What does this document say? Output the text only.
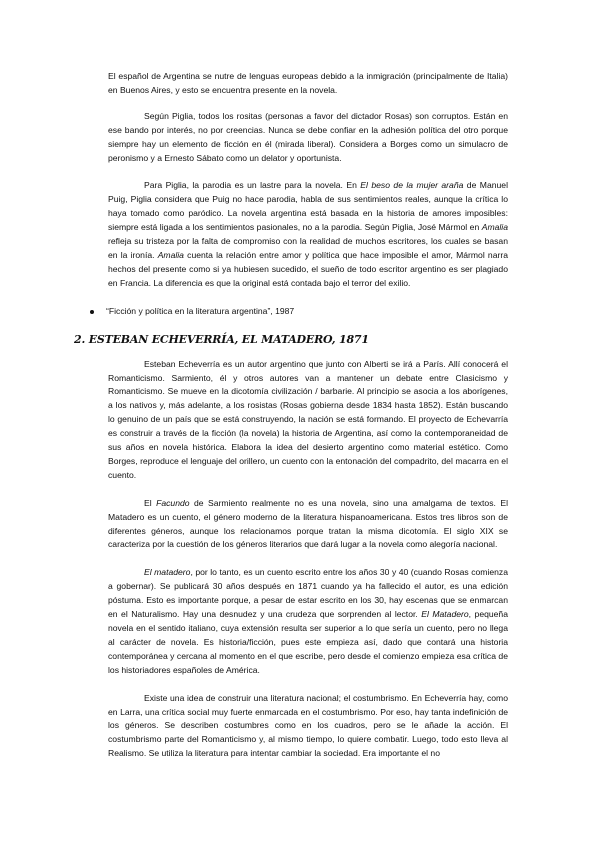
El español de Argentina se nutre de lenguas europeas debido a la inmigración (principalmente de Italia) en Buenos Aires, y esto se encuentra presente en la novela.

Según Piglia, todos los rositas (personas a favor del dictador Rosas) son corruptos. Están en ese bando por interés, no por creencias. Nunca se debe confiar en la adhesión política del otro porque siempre hay un elemento de ficción en él (mirada liberal). Considera a Borges como un simulacro de peronismo y a Ernesto Sábato como un delator y oportunista.

Para Piglia, la parodia es un lastre para la novela. En El beso de la mujer araña de Manuel Puig, Piglia considera que Puig no hace parodia, habla de sus sentimientos reales, aunque la crítica lo haya tomado como paródico. La novela argentina está basada en la historia de amores imposibles: siempre está ligada a los sentimientos pasionales, no a la parodia. Según Piglia, José Mármol en Amalia refleja su tristeza por la falta de compromiso con la realidad de muchos escritores, los cuales se basan en la ironía. Amalia cuenta la relación entre amor y política que hace imposible el amor, Mármol narra hechos del presente como si ya hubiesen sucedido, el sueño de todo escritor argentino es ser plagiado en Francia. La diferencia es que la original está contada bajo el terror del exilio.

“Ficción y política en la literatura argentina”, 1987
2. ESTEBAN ECHEVERRÍA, EL MATADERO, 1871

Esteban Echeverría es un autor argentino que junto con Alberti se irá a París. Allí conocerá el Romanticismo. Sarmiento, él y otros autores van a mantener un debate entre Clasicismo y Romanticismo. Se mueve en la dicotomía civilización / barbarie. Al principio se asocia a los aborígenes, a los nativos y, más adelante, a los rosistas (Rosas gobierna desde 1834 hasta 1852). Están buscando lo genuino de un país que se está construyendo, la nación se está formando. El proyecto de Echevarría es construir a través de la ficción (la novela) la historia de Argentina, así como la contemporaneidad de sus años en novela histórica. Elabora la idea del desierto argentino como material estético. Como Borges, reproduce el lenguaje del orillero, un cuento con la entonación del compadrito, del macarra en el cuento.

El Facundo de Sarmiento realmente no es una novela, sino una amalgama de textos. El Matadero es un cuento, el género moderno de la literatura hispanoamericana. Estos tres libros son de diferentes géneros, aunque los relacionamos porque tratan la misma dicotomía. El siglo XIX se caracteriza por la cuestión de los géneros literarios que dará lugar a la novela como alegoría nacional.

El matadero, por lo tanto, es un cuento escrito entre los años 30 y 40 (cuando Rosas comienza a gobernar). Se publicará 30 años después en 1871 cuando ya ha fallecido el autor, es una edición póstuma. Esto es importante porque, a pesar de estar escrito en los 30, hay escenas que se enmarcan en el Naturalismo. Hay una desnudez y una crudeza que sorprenden al lector. El Matadero, pequeña novela en el sentido italiano, cuya extensión resulta ser superior a lo que sería un cuento, pero no llega al carácter de novela. Es historia/ficción, pues este empieza así, dado que contará una historia contemporánea y cercana al momento en el que escribe, pero desde el comienzo empieza esa crítica de los historiadores españoles de América.

Existe una idea de construir una literatura nacional; el costumbrismo. En Echeverría hay, como en Larra, una crítica social muy fuerte enmarcada en el costumbrismo. Por eso, hay tanta indefinición de los géneros. Se describen costumbres como en los cuadros, pero se le añade la acción. El costumbrismo parte del Romanticismo y, al mismo tiempo, lo quiere combatir. Luego, todo esto lleva al Realismo. Se utiliza la literatura para intentar cambiar la sociedad. Era importante el no
